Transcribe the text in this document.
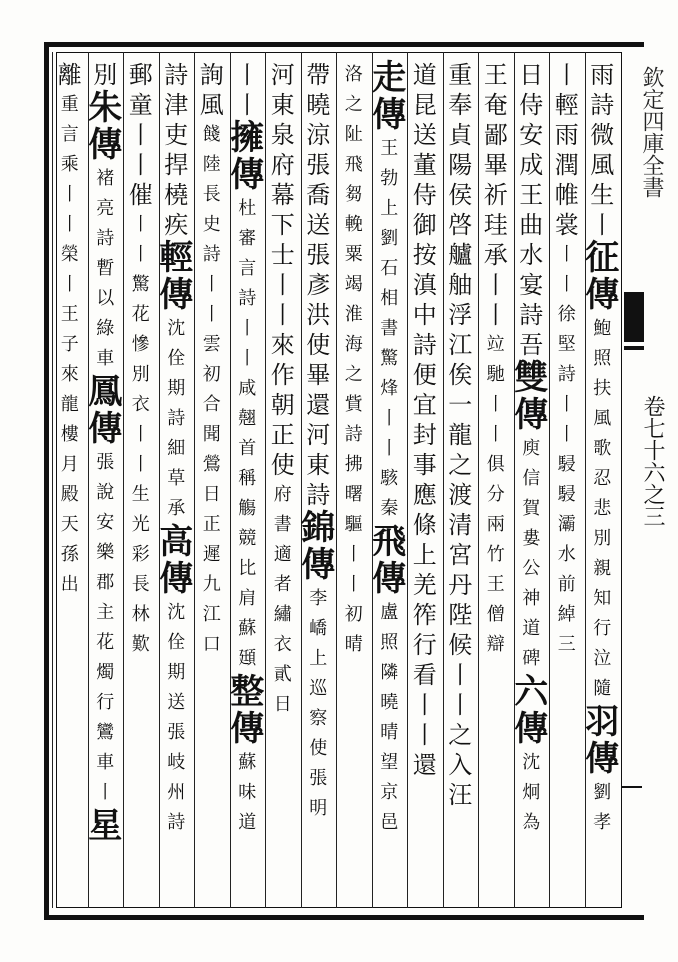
欽定四庫全書
卷七十六之三
雨
詩
微
風
生
丨
征
傳
鮑
照
扶
風
歌
忍
悲
別
親
知
行
泣
隨
羽
傳
劉
孝
丨
輕
雨
潤
帷
裳
丨
丨
徐
堅
詩
丨
丨
駸
駸
灞
水
前
綽
三
日
侍
安
成
王
曲
水
宴
詩
吾
雙
傳
庾
信
賀
婁
公
神
道
碑
六
傳
沈
炯
為
王
奄
鄙
畢
祈
珪
承
丨
丨
竝
馳
丨
丨
俱
分
兩
竹
王
僧
辯
重
奉
貞
陽
侯
啓
艫
舳
浮
江
俟
一
龍
之
渡
清
宮
丹
陛
候
丨
丨
之
入
汪
道
昆
送
董
侍
御
按
滇
中
詩
便
宜
封
事
應
條
上
羌
筰
行
看
丨
丨
還
走
傳
王
勃
上
劉
石
相
書
驚
烽
丨
丨
駭
秦
飛
傳
盧
照
隣
曉
晴
望
京
邑
洛
之
阯
飛
芻
輓
粟
竭
淮
海
之
貲
詩
拂
曙
驅
丨
丨
初
晴
帶
曉
涼
張
喬
送
張
彥
洪
使
畢
還
河
東
詩
錦
傳
李
嶠
上
巡
察
使
張
明
河
東
泉
府
幕
下
士
丨
丨
來
作
朝
正
使
府
書
適
者
繡
衣
貳
日
丨
丨
擁
傳
杜
審
言
詩
丨
丨
咸
翹
首
稱
觴
競
比
肩
蘇
頲
整
傳
蘇
味
道
詢
風
餞
陸
長
史
詩
丨
丨
雲
初
合
聞
鶯
日
正
遲
九
江
口
詩
津
吏
捍
橈
疾
輕
傳
沈
佺
期
詩
細
草
承
高
傳
沈
佺
期
送
張
岐
州
詩
郵
童
丨
丨
催
丨
丨
驚
花
慘
別
衣
丨
丨
生
光
彩
長
林
歎
別
朱
傳
褚
亮
詩
暫
以
綠
車
鳳
傳
張
說
安
樂
郡
主
花
燭
行
鸞
車
丨
星
離
重
言
乘
丨
丨
榮
丨
王
子
來
龍
樓
月
殿
天
孫
出
